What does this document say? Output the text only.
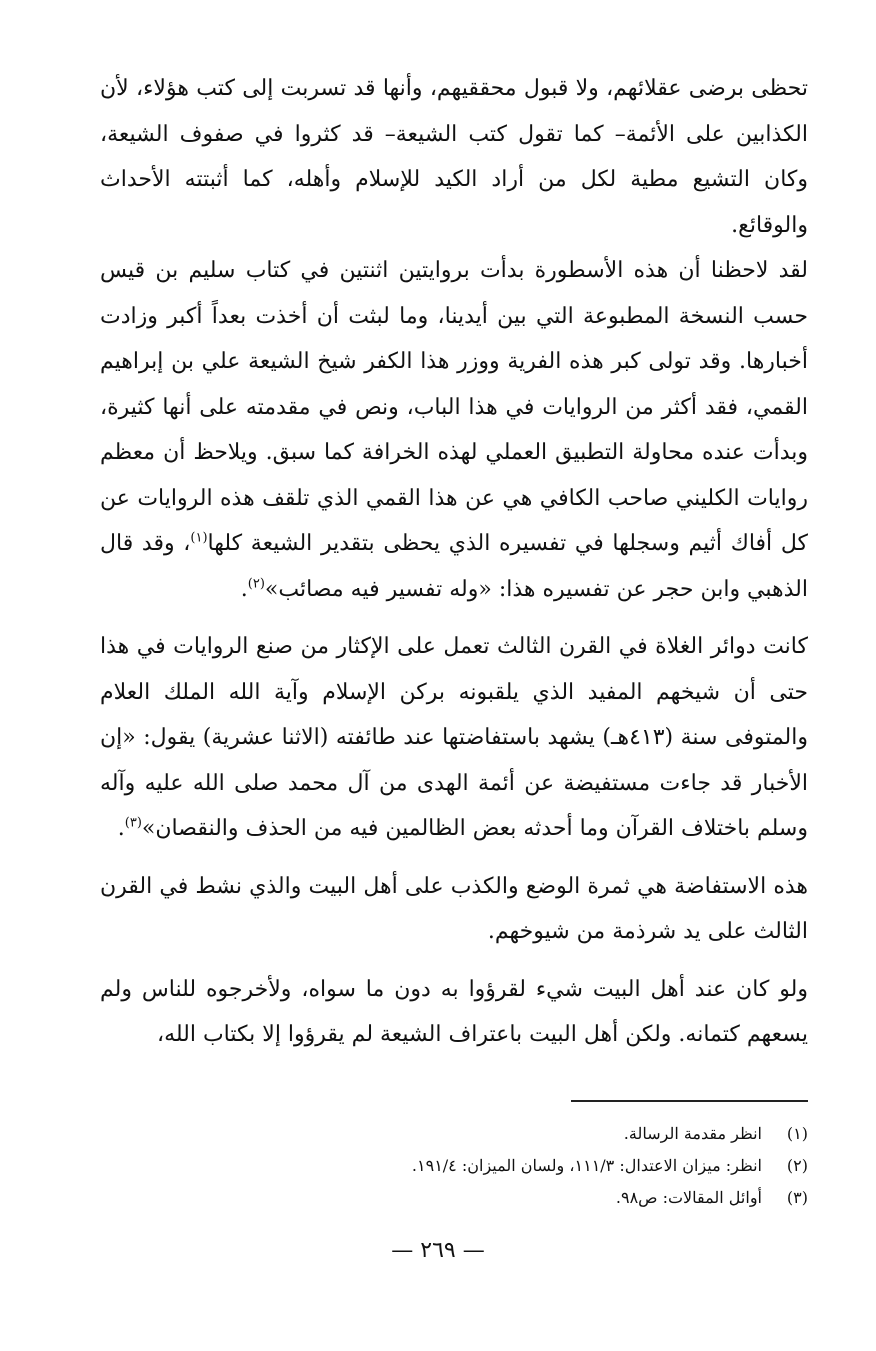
تحظى برضى عقلائهم، ولا قبول محققيهم، وأنها قد تسربت إلى كتب هؤلاء، لأن الكذابين على الأئمة– كما تقول كتب الشيعة– قد كثروا في صفوف الشيعة، وكان التشيع مطية لكل من أراد الكيد للإسلام وأهله، كما أثبتته الأحداث والوقائع.

لقد لاحظنا أن هذه الأسطورة بدأت بروايتين اثنتين في كتاب سليم بن قيس حسب النسخة المطبوعة التي بين أيدينا، وما لبثت أن أخذت بعداً أكبر وزادت أخبارها. وقد تولى كبر هذه الفرية ووزر هذا الكفر شيخ الشيعة علي بن إبراهيم القمي، فقد أكثر من الروايات في هذا الباب، ونص في مقدمته على أنها كثيرة، وبدأت عنده محاولة التطبيق العملي لهذه الخرافة كما سبق. ويلاحظ أن معظم روايات الكليني صاحب الكافي هي عن هذا القمي الذي تلقف هذه الروايات عن كل أفاك أثيم وسجلها في تفسيره الذي يحظى بتقدير الشيعة كلها$^{(١)}$، وقد قال الذهبي وابن حجر عن تفسيره هذا: «وله تفسير فيه مصائب»$^{(٢)}$.

كانت دوائر الغلاة في القرن الثالث تعمل على الإكثار من صنع الروايات في هذا حتى أن شيخهم المفيد الذي يلقبونه بركن الإسلام وآية الله الملك العلام والمتوفى سنة (٤١٣هـ) يشهد باستفاضتها عند طائفته (الاثنا عشرية) يقول: «إن الأخبار قد جاءت مستفيضة عن أئمة الهدى من آل محمد صلى الله عليه وآله وسلم باختلاف القرآن وما أحدثه بعض الظالمين فيه من الحذف والنقصان»$^{(٣)}$.

هذه الاستفاضة هي ثمرة الوضع والكذب على أهل البيت والذي نشط في القرن الثالث على يد شرذمة من شيوخهم.

ولو كان عند أهل البيت شيء لقرؤوا به دون ما سواه، ولأخرجوه للناس ولم يسعهم كتمانه. ولكن أهل البيت باعتراف الشيعة لم يقرؤوا إلا بكتاب الله،

(١)
انظر مقدمة الرسالة.
(٢)
انظر: ميزان الاعتدال: ١١١/٣، ولسان الميزان: ١٩١/٤.
(٣)
أوائل المقالات: ص٩٨.
— ٢٦٩ —
